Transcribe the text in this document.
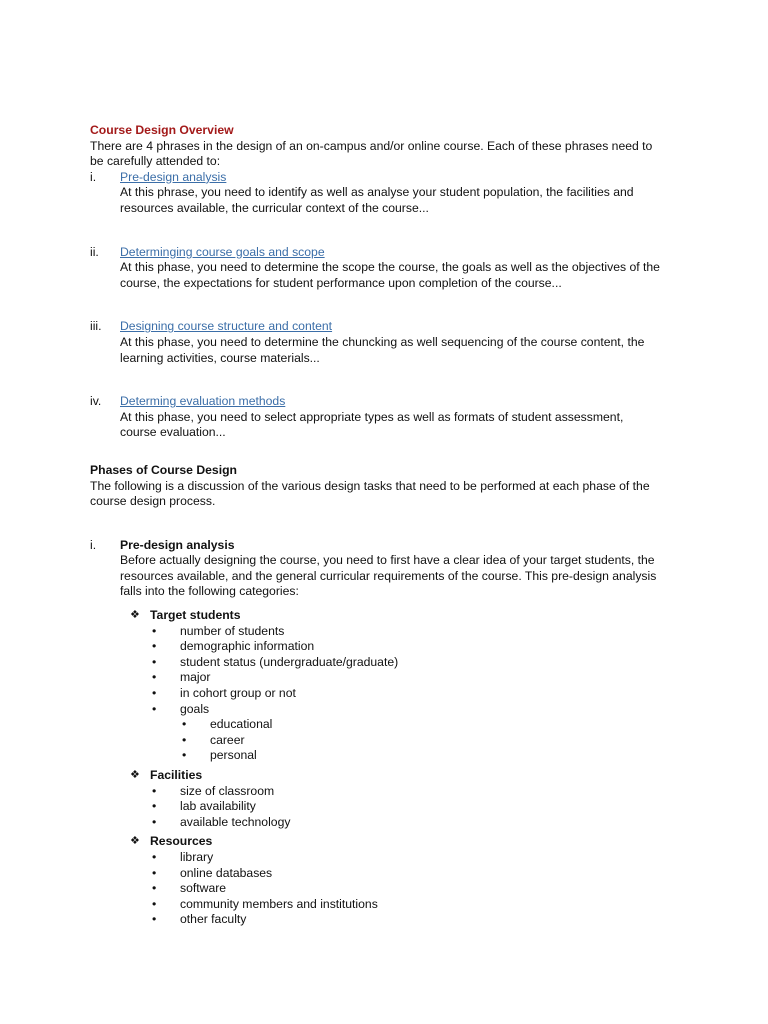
Course Design Overview
There are 4 phrases in the design of an on-campus and/or online course. Each of these phrases need to
be carefully attended to:
i.	Pre-design analysis
At this phrase, you need to identify as well as analyse your student population, the facilities and
resources available, the curricular context of the course...
ii.	Determinging course goals and scope
At this phase, you need to determine the scope the course, the goals as well as the objectives of the
course, the expectations for student performance upon completion of the course...
iii.	Designing course structure and content
At this phase, you need to determine the chuncking as well sequencing of the course content, the
learning activities, course materials...
iv.	Determing evaluation methods
At this phase, you need to select appropriate types as well as formats of student assessment,
course evaluation...
Phases of Course Design
The following is a discussion of the various design tasks that need to be performed at each phase of the
course design process.
i.	Pre-design analysis
Before actually designing the course, you need to first have a clear idea of your target students, the
resources available, and the general curricular requirements of the course. This pre-design analysis
falls into the following categories:
❖ Target students
• number of students
• demographic information
• student status (undergraduate/graduate)
• major
• in cohort group or not
• goals
• educational
• career
• personal
❖ Facilities
• size of classroom
• lab availability
• available technology
❖ Resources
• library
• online databases
• software
• community members and institutions
• other faculty
